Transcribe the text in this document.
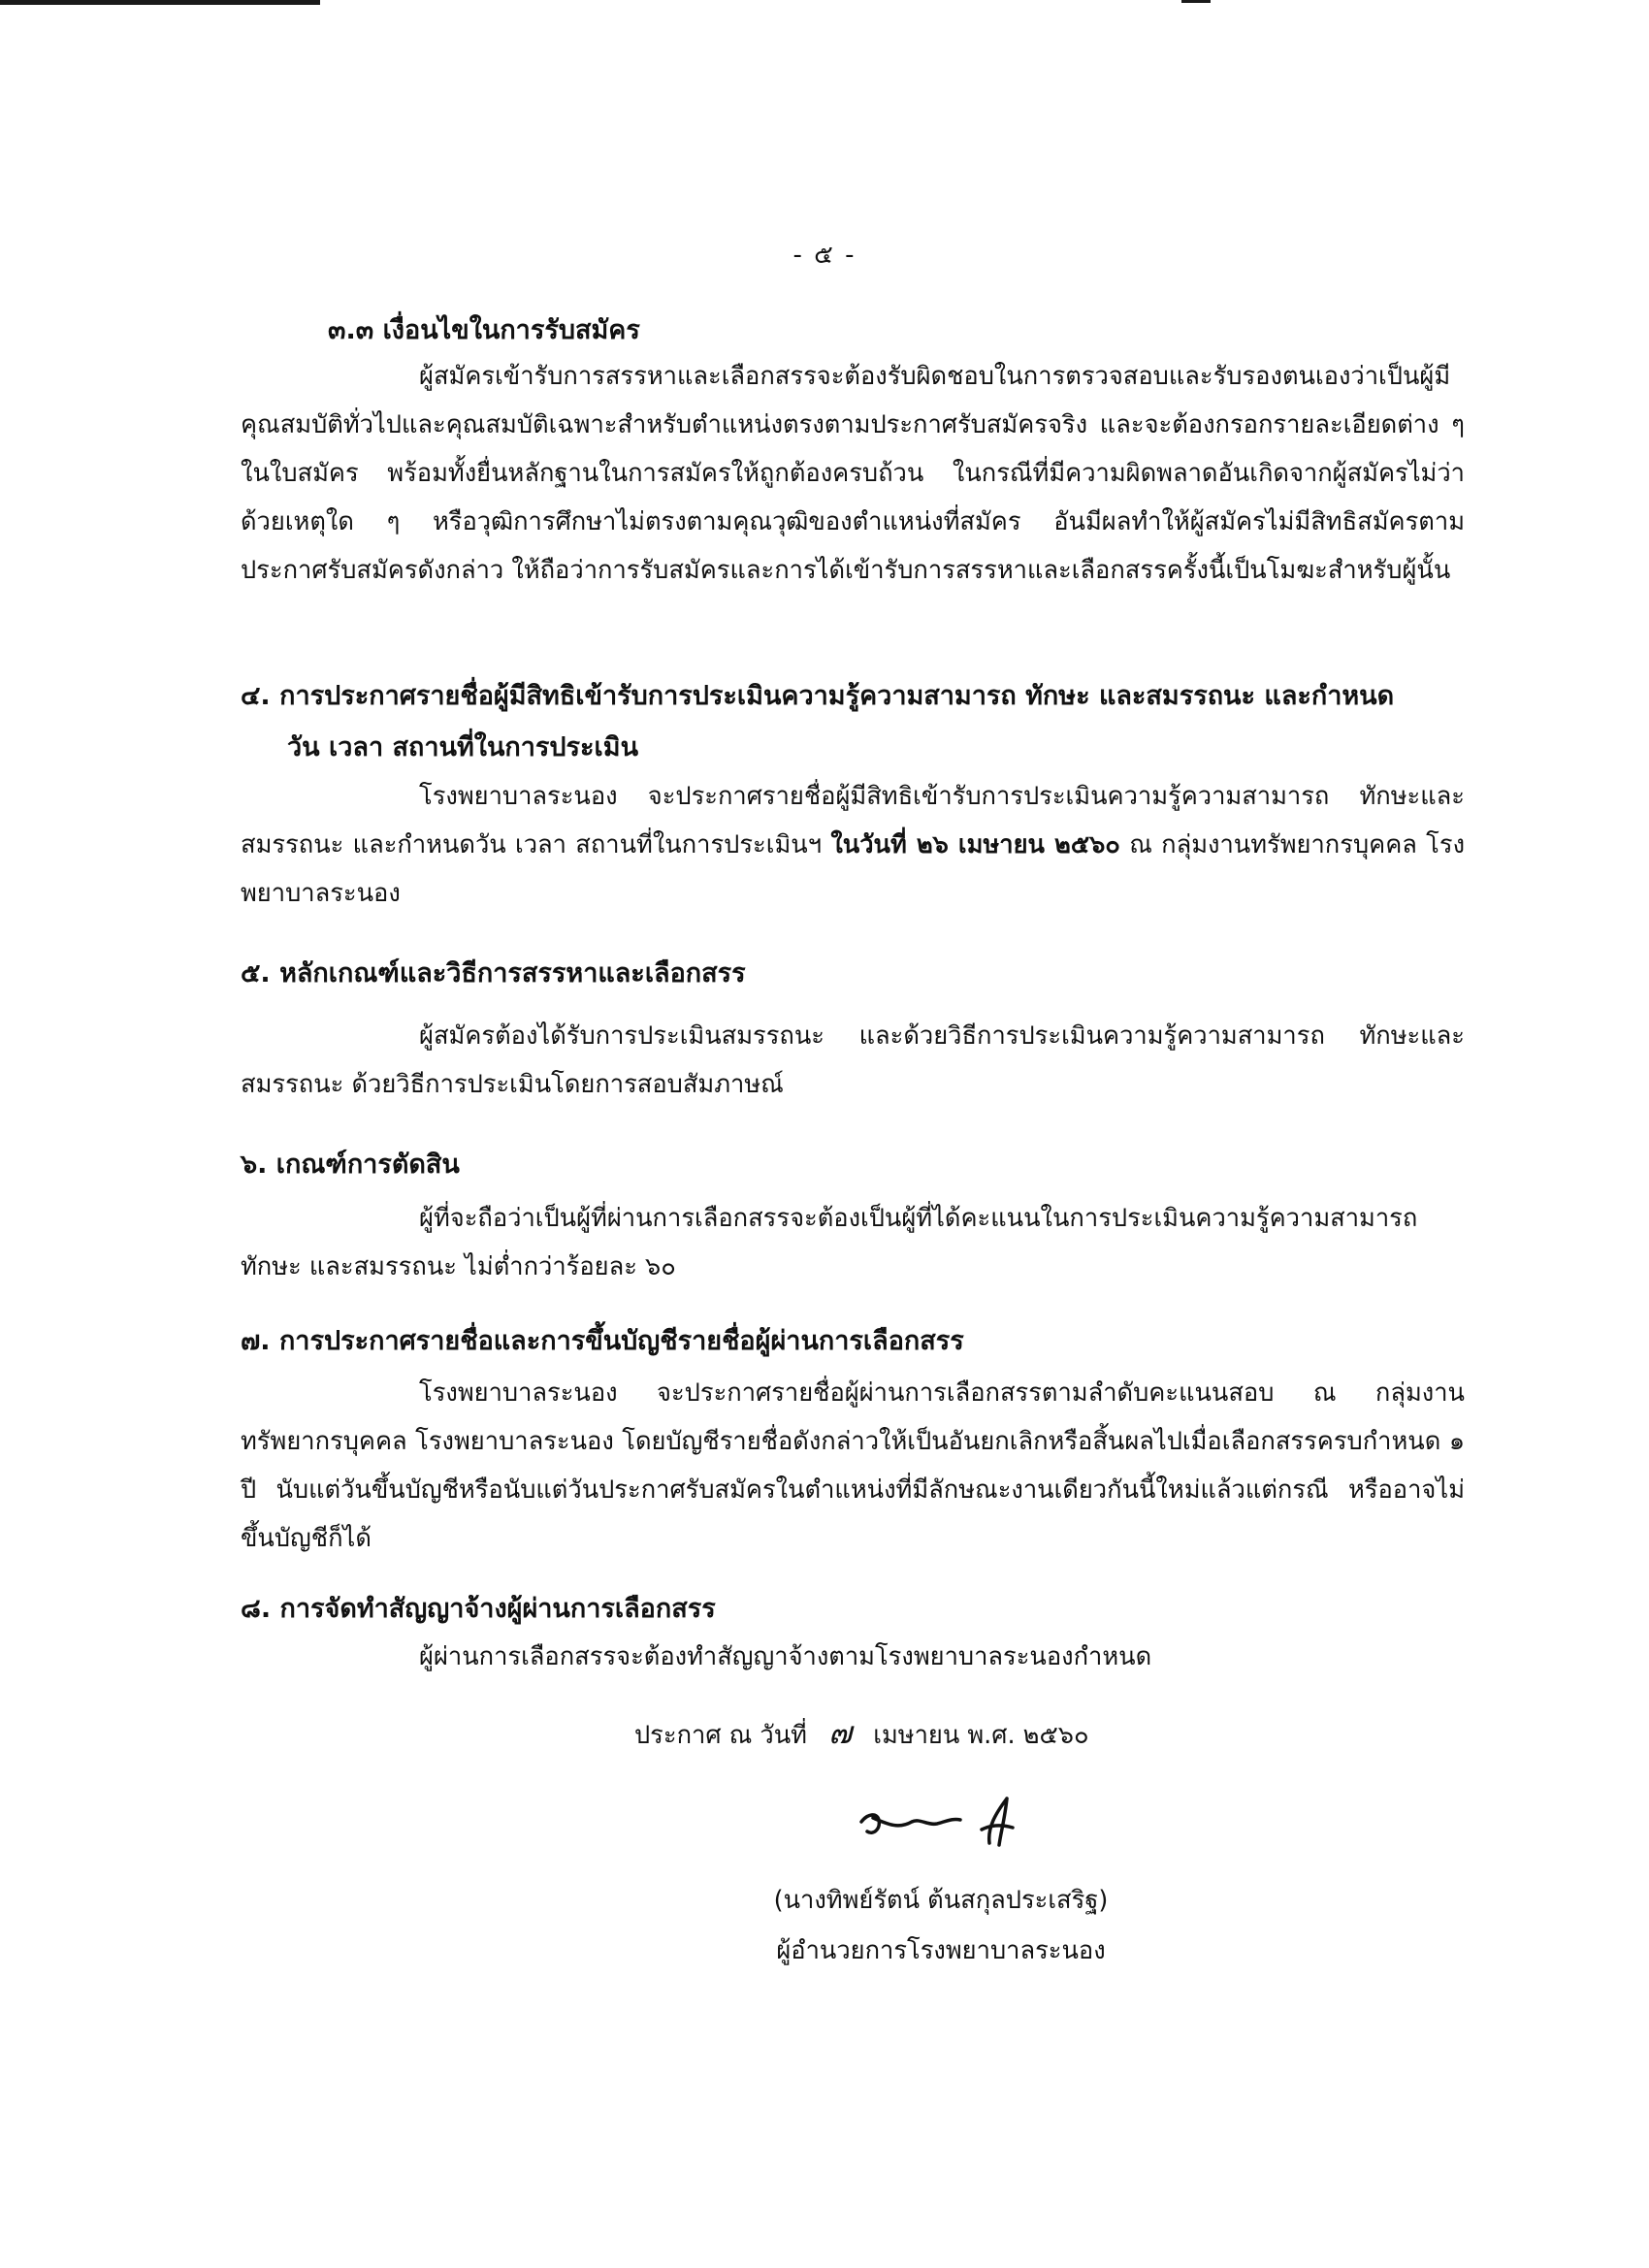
- ๕ -
๓.๓ เงื่อนไขในการรับสมัคร
ผู้สมัครเข้ารับการสรรหาและเลือกสรรจะต้องรับผิดชอบในการตรวจสอบและรับรองตนเองว่าเป็นผู้มีคุณสมบัติทั่วไปและคุณสมบัติเฉพาะสำหรับตำแหน่งตรงตามประกาศรับสมัครจริง และจะต้องกรอกรายละเอียดต่าง ๆ ในใบสมัคร พร้อมทั้งยื่นหลักฐานในการสมัครให้ถูกต้องครบถ้วน ในกรณีที่มีความผิดพลาดอันเกิดจากผู้สมัครไม่ว่าด้วยเหตุใด ๆ หรือวุฒิการศึกษาไม่ตรงตามคุณวุฒิของตำแหน่งที่สมัคร อันมีผลทำให้ผู้สมัครไม่มีสิทธิสมัครตามประกาศรับสมัครดังกล่าว ให้ถือว่าการรับสมัครและการได้เข้ารับการสรรหาและเลือกสรรครั้งนี้เป็นโมฆะสำหรับผู้นั้น
๔. การประกาศรายชื่อผู้มีสิทธิเข้ารับการประเมินความรู้ความสามารถ ทักษะ และสมรรถนะ และกำหนด
วัน เวลา สถานที่ในการประเมิน
โรงพยาบาลระนอง จะประกาศรายชื่อผู้มีสิทธิเข้ารับการประเมินความรู้ความสามารถ ทักษะและสมรรถนะ และกำหนดวัน เวลา สถานที่ในการประเมินฯ ในวันที่ ๒๖ เมษายน ๒๕๖๐ ณ กลุ่มงานทรัพยากรบุคคล โรงพยาบาลระนอง
๕. หลักเกณฑ์และวิธีการสรรหาและเลือกสรร
ผู้สมัครต้องได้รับการประเมินสมรรถนะ และด้วยวิธีการประเมินความรู้ความสามารถ ทักษะและสมรรถนะ ด้วยวิธีการประเมินโดยการสอบสัมภาษณ์
๖. เกณฑ์การตัดสิน
ผู้ที่จะถือว่าเป็นผู้ที่ผ่านการเลือกสรรจะต้องเป็นผู้ที่ได้คะแนนในการประเมินความรู้ความสามารถ ทักษะ และสมรรถนะ ไม่ต่ำกว่าร้อยละ ๖๐
๗. การประกาศรายชื่อและการขึ้นบัญชีรายชื่อผู้ผ่านการเลือกสรร
โรงพยาบาลระนอง จะประกาศรายชื่อผู้ผ่านการเลือกสรรตามลำดับคะแนนสอบ ณ กลุ่มงานทรัพยากรบุคคล โรงพยาบาลระนอง โดยบัญชีรายชื่อดังกล่าวให้เป็นอันยกเลิกหรือสิ้นผลไปเมื่อเลือกสรรครบกำหนด ๑ ปี นับแต่วันขึ้นบัญชีหรือนับแต่วันประกาศรับสมัครในตำแหน่งที่มีลักษณะงานเดียวกันนี้ใหม่แล้วแต่กรณี หรืออาจไม่ขึ้นบัญชีก็ได้
๘. การจัดทำสัญญาจ้างผู้ผ่านการเลือกสรร
ผู้ผ่านการเลือกสรรจะต้องทำสัญญาจ้างตามโรงพยาบาลระนองกำหนด
ประกาศ ณ วันที่ ๗ เมษายน พ.ศ. ๒๕๖๐
(นางทิพย์รัตน์ ต้นสกุลประเสริฐ)
ผู้อำนวยการโรงพยาบาลระนอง
